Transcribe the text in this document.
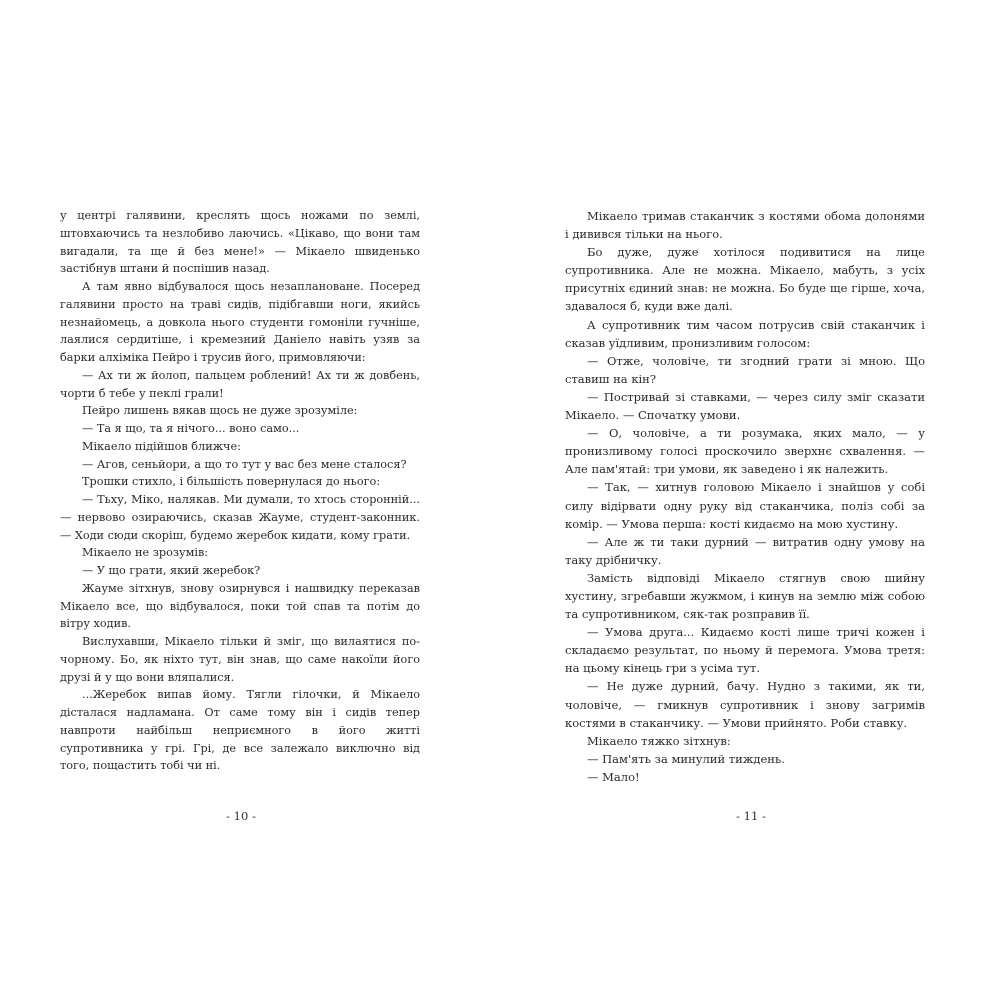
у центрі галявини, креслять щось ножами по землі, штовхаючись та незлобиво лаючись. «Цікаво, що вони там вигадали, та ще й без мене!» — Мікаело швиденько застібнув штани й поспішив назад.

А там явно відбувалося щось незаплановане. Посеред галявини просто на траві сидів, підібгавши ноги, якийсь незнайомець, а довкола нього студенти гомоніли гучніше, лаялися сердитіше, і кремезний Даніело навіть узяв за барки алхіміка Пейро і трусив його, примовляючи:

— Ах ти ж йолоп, пальцем роблений! Ах ти ж довбень, чорти б тебе у пеклі грали!

Пейро лишень вякав щось не дуже зрозуміле:

— Та я що, та я нічого... воно само...

Мікаело підійшов ближче:

— Агов, сеньйори, а що то тут у вас без мене сталося?

Трошки стихло, і більшість повернулася до нього:

— Тьху, Міко, налякав. Ми думали, то хтось сторонній... — нервово озираючись, сказав Жауме, студент-законник. — Ходи сюди скоріш, будемо жеребок кидати, кому грати.

Мікаело не зрозумів:

— У що грати, який жеребок?

Жауме зітхнув, знову озирнувся і нашвидку переказав Мікаело все, що відбувалося, поки той спав та потім до вітру ходив.

Вислухавши, Мікаело тільки й зміг, що вилаятися по-чорному. Бо, як ніхто тут, він знав, що саме накоїли його друзі й у що вони вляпалися.

...Жеребок випав йому. Тягли гілочки, й Мікаело дісталася надламана. От саме тому він і сидів тепер навпроти найбільш неприємного в його житті супротивника у грі. Грі, де все залежало виключно від того, пощастить тобі чи ні.

- 10 -

Мікаело тримав стаканчик з костями обома долонями і дивився тільки на нього.

Бо дуже, дуже хотілося подивитися на лице супротивника. Але не можна. Мікаело, мабуть, з усіх присутніх єдиний знав: не можна. Бо буде ще гірше, хоча, здавалося б, куди вже далі.

А супротивник тим часом потрусив свій стаканчик і сказав уїдливим, пронизливим голосом:

— Отже, чоловіче, ти згодний грати зі мною. Що ставиш на кін?

— Постривай зі ставками, — через силу зміг сказати Мікаело. — Спочатку умови.

— О, чоловіче, а ти розумака, яких мало, — у пронизливому голосі проскочило зверхнє схвалення. — Але пам'ятай: три умови, як заведено і як належить.

— Так, — хитнув головою Мікаело і знайшов у собі силу відірвати одну руку від стаканчика, поліз собі за комір. — Умова перша: кості кидаємо на мою хустину.

— Але ж ти таки дурний — витратив одну умову на таку дрібничку.

Замість відповіді Мікаело стягнув свою шийну хустину, згребавши жужмом, і кинув на землю між собою та супротивником, сяк-так розправив її.

— Умова друга... Кидаємо кості лише тричі кожен і складаємо результат, по ньому й перемога. Умова третя: на цьому кінець гри з усіма тут.

— Не дуже дурний, бачу. Нудно з такими, як ти, чоловіче, — гмикнув супротивник і знову загримів костями в стаканчику. — Умови прийнято. Роби ставку.

Мікаело тяжко зітхнув:

— Пам'ять за минулий тиждень.

— Мало!

- 11 -
